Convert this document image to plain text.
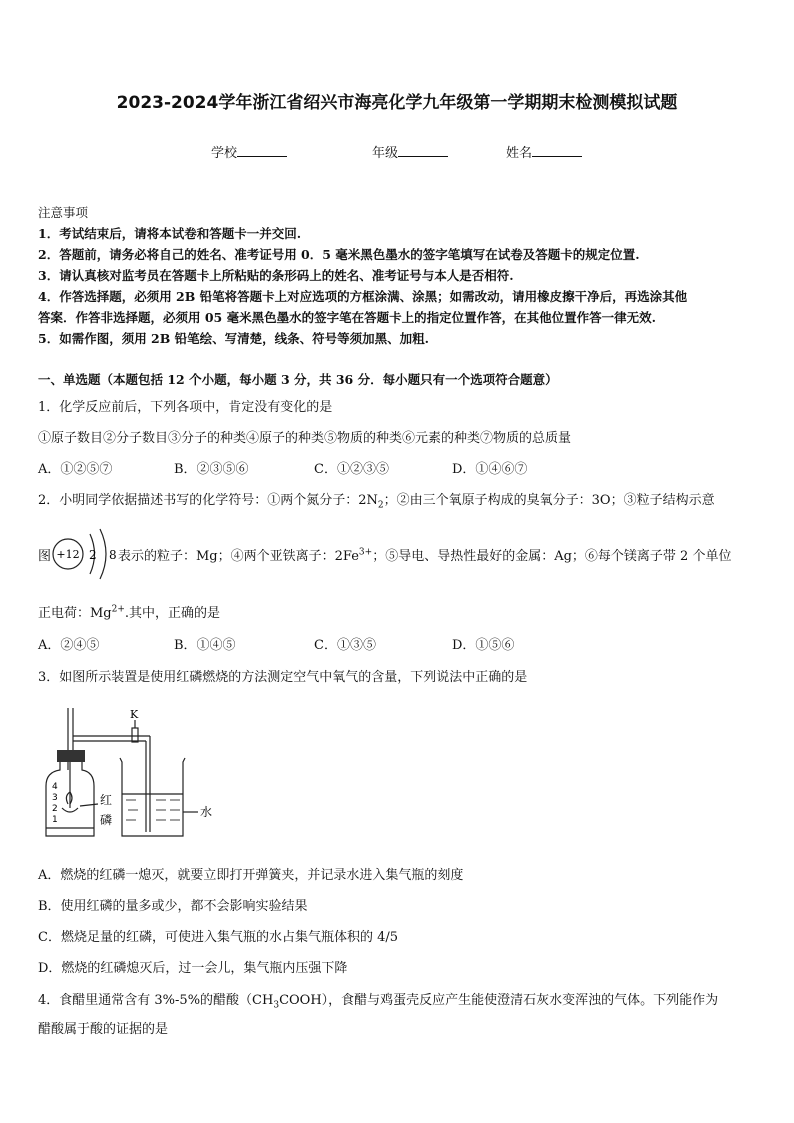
2023-2024学年浙江省绍兴市海亮化学九年级第一学期期末检测模拟试题
学校	年级	姓名
注意事项
1．考试结束后，请将本试卷和答题卡一并交回.
2．答题前，请务必将自己的姓名、准考证号用 0．5 毫米黑色墨水的签字笔填写在试卷及答题卡的规定位置.
3．请认真核对监考员在答题卡上所粘贴的条形码上的姓名、准考证号与本人是否相符.
4．作答选择题，必须用 2B 铅笔将答题卡上对应选项的方框涂满、涂黑；如需改动，请用橡皮擦干净后，再选涂其他
答案．作答非选择题，必须用 05 毫米黑色墨水的签字笔在答题卡上的指定位置作答，在其他位置作答一律无效.
5．如需作图，须用 2B 铅笔绘、写清楚，线条、符号等须加黑、加粗.
一、单选题（本题包括 12 个小题，每小题 3 分，共 36 分．每小题只有一个选项符合题意）
1．化学反应前后，下列各项中，肯定没有变化的是
①原子数目②分子数目③分子的种类④原子的种类⑤物质的种类⑥元素的种类⑦物质的总质量
A．①②⑤⑦	B．②③⑤⑥	C．①②③⑤	D．①④⑥⑦
2．小明同学依据描述书写的化学符号：①两个氮分子：$2N_2$；②由三个氧原子构成的臭氧分子：3O；③粒子结构示意
图 +12 2 8 表示的粒子：Mg；④两个亚铁离子：$2Fe^{3+}$；⑤导电、导热性最好的金属：Ag；⑥每个镁离子带 2 个单位
正电荷：$Mg^{2+}$.其中，正确的是
A．②④⑤	B．①④⑤	C．①③⑤	D．①⑤⑥
3．如图所示装置是使用红磷燃烧的方法测定空气中氧气的含量，下列说法中正确的是
K
4
3
2
1
红
磷
水
A．燃烧的红磷一熄灭，就要立即打开弹簧夹，并记录水进入集气瓶的刻度
B．使用红磷的量多或少，都不会影响实验结果
C．燃烧足量的红磷，可使进入集气瓶的水占集气瓶体积的 4/5
D．燃烧的红磷熄灭后，过一会儿，集气瓶内压强下降
4．食醋里通常含有 3%-5%的醋酸$(CH_3COOH)$，食醋与鸡蛋壳反应产生能使澄清石灰水变浑浊的气体。下列能作为
醋酸属于酸的证据的是
